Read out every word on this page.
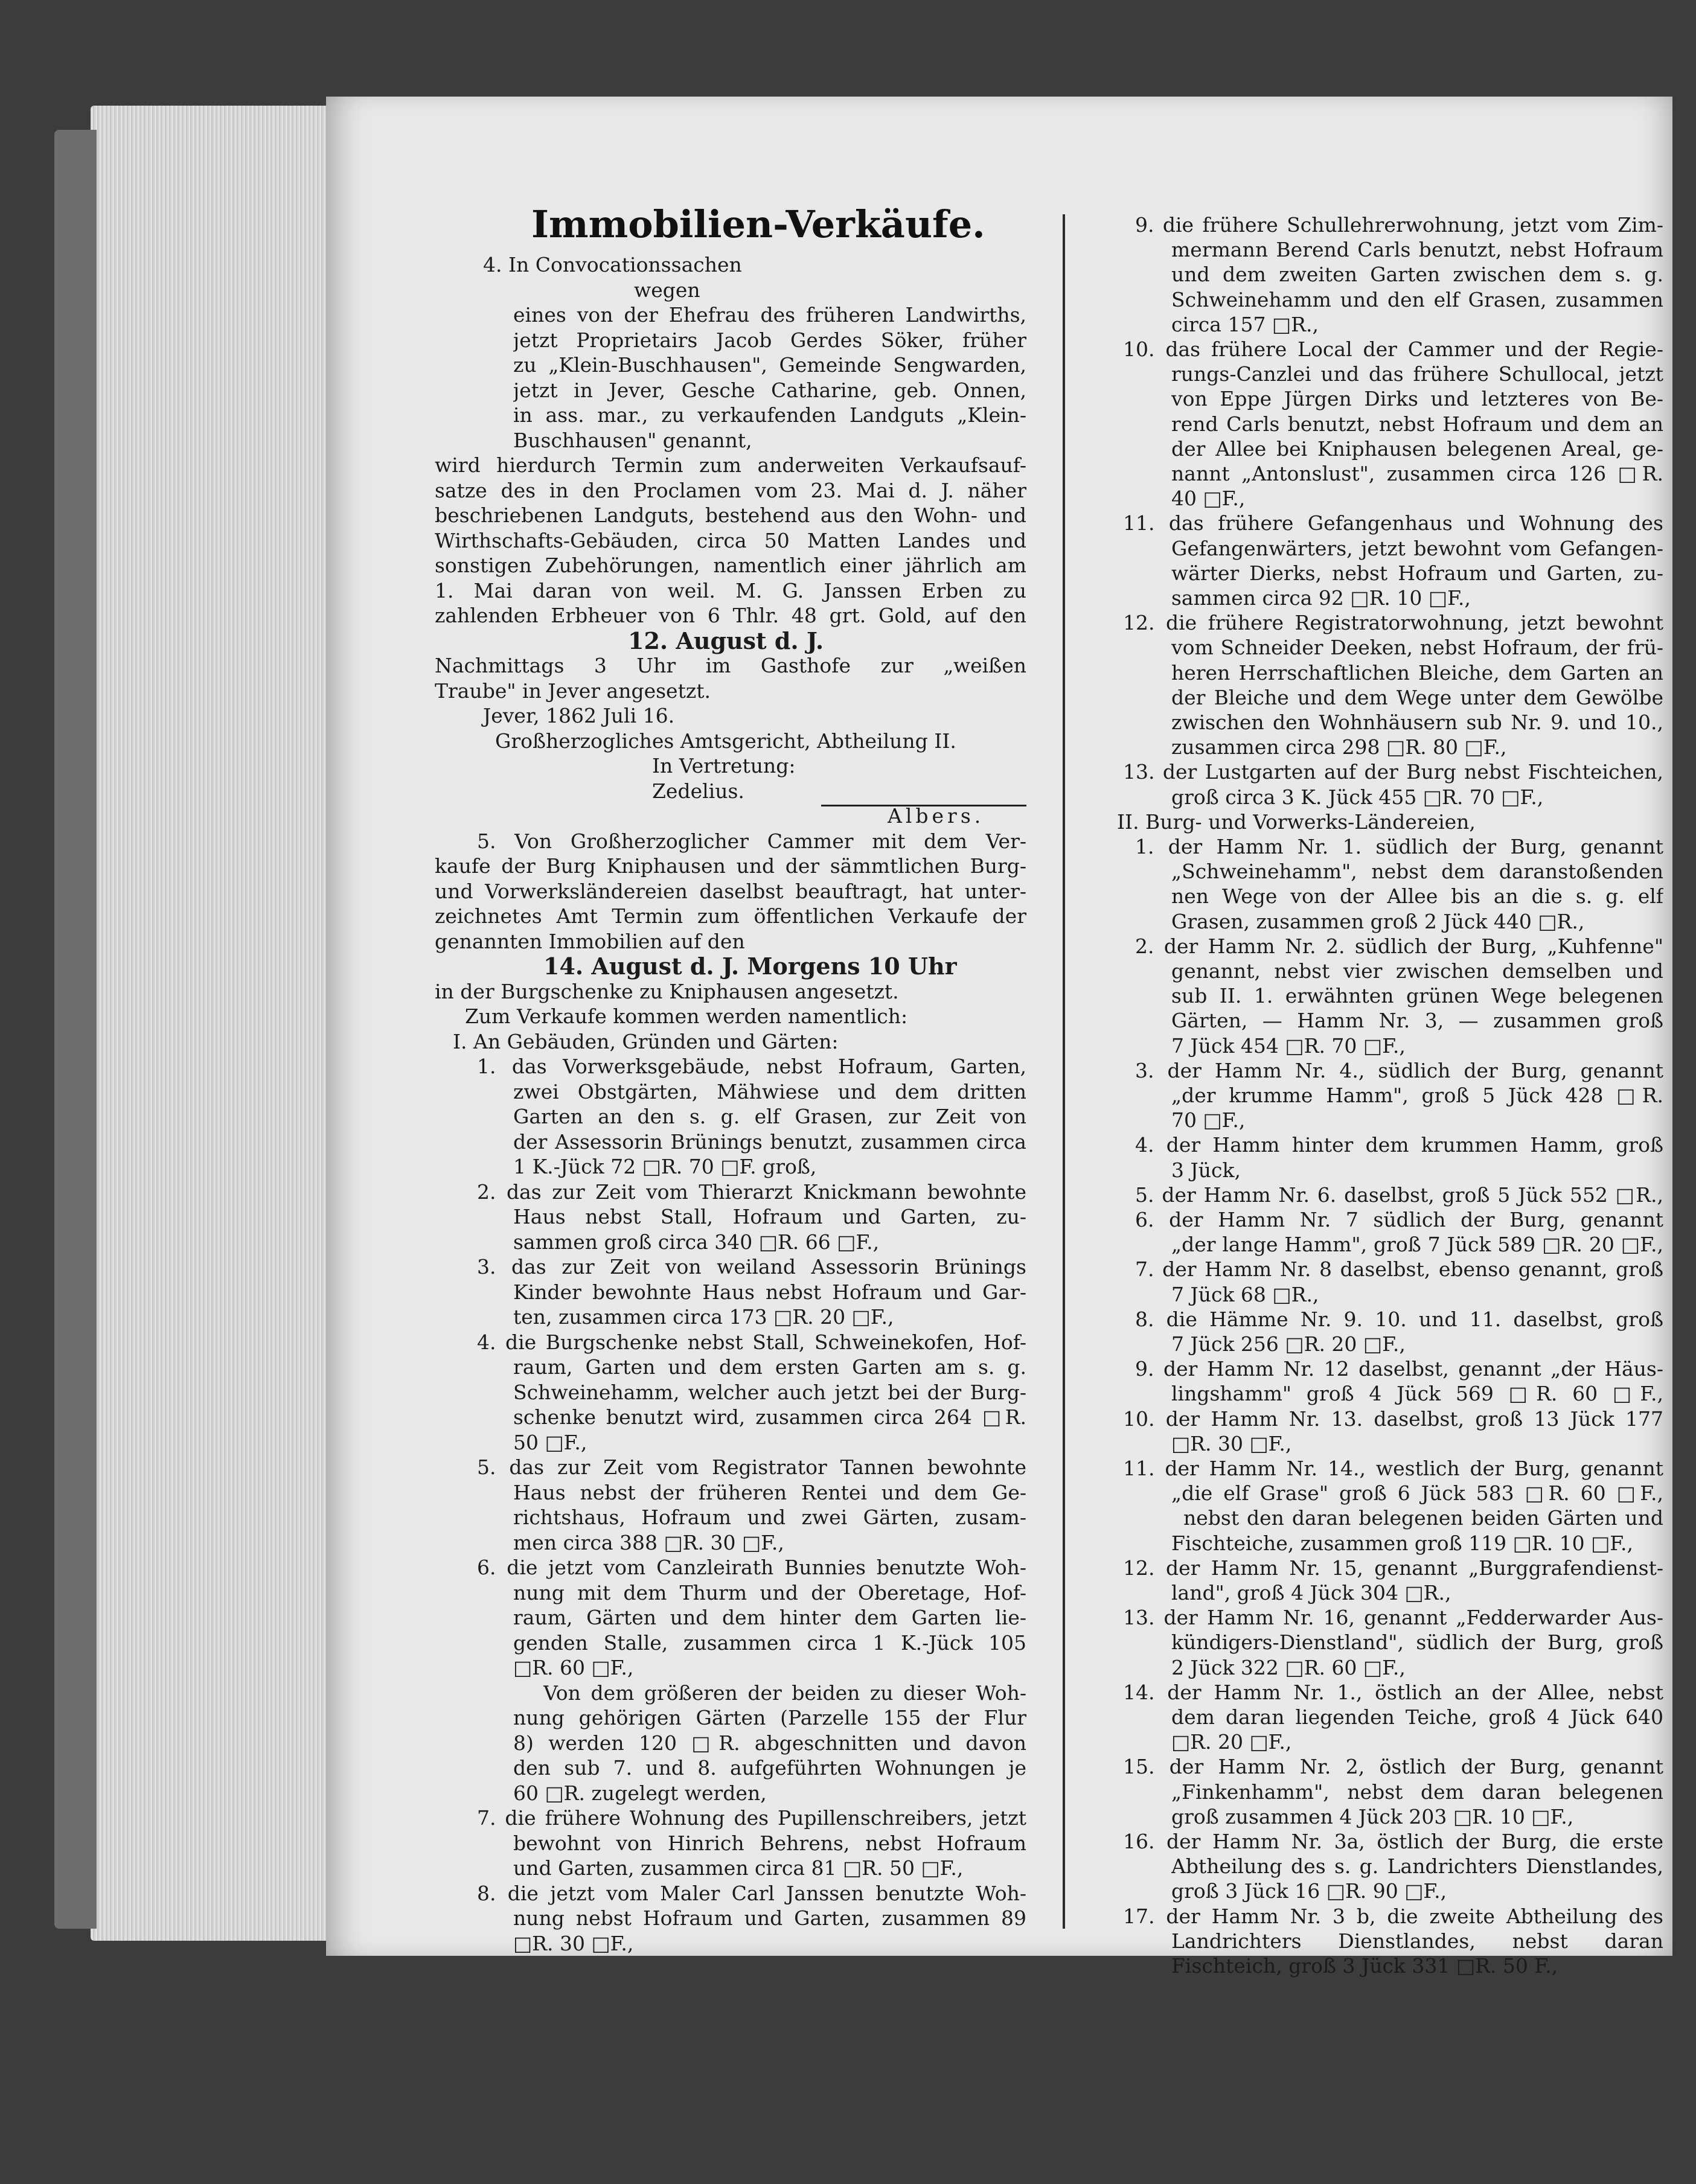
Immobilien-Verkäufe.
4. In Convocationssachen
wegen
eines von der Ehefrau des früheren Landwirths,
jetzt Proprietairs Jacob Gerdes Söker, früher
zu „Klein-Buschhausen", Gemeinde Sengwarden,
jetzt in Jever, Gesche Catharine, geb. Onnen,
in ass. mar., zu verkaufenden Landguts „Klein-
Buschhausen" genannt,
wird hierdurch Termin zum anderweiten Verkaufsauf-
satze des in den Proclamen vom 23. Mai d. J. näher
beschriebenen Landguts, bestehend aus den Wohn- und
Wirthschafts-Gebäuden, circa 50 Matten Landes und
sonstigen Zubehörungen, namentlich einer jährlich am
1. Mai daran von weil. M. G. Janssen Erben zu
zahlenden Erbheuer von 6 Thlr. 48 grt. Gold, auf den
12. August d. J.
Nachmittags 3 Uhr im Gasthofe zur „weißen
Traube" in Jever angesetzt.
Jever, 1862 Juli 16.
Großherzogliches Amtsgericht, Abtheilung II.
In Vertretung:
Zedelius.
Albers.
5. Von Großherzoglicher Cammer mit dem Ver-
kaufe der Burg Kniphausen und der sämmtlichen Burg-
und Vorwerksländereien daselbst beauftragt, hat unter-
zeichnetes Amt Termin zum öffentlichen Verkaufe der
genannten Immobilien auf den
14. August d. J. Morgens 10 Uhr
in der Burgschenke zu Kniphausen angesetzt.
Zum Verkaufe kommen werden namentlich:
I. An Gebäuden, Gründen und Gärten:
1. das Vorwerksgebäude, nebst Hofraum, Garten,
zwei Obstgärten, Mähwiese und dem dritten
Garten an den s. g. elf Grasen, zur Zeit von
der Assessorin Brünings benutzt, zusammen circa
1 K.-Jück 72 □R. 70 □F. groß,
2. das zur Zeit vom Thierarzt Knickmann bewohnte
Haus nebst Stall, Hofraum und Garten, zu-
sammen groß circa 340 □R. 66 □F.,
3. das zur Zeit von weiland Assessorin Brünings
Kinder bewohnte Haus nebst Hofraum und Gar-
ten, zusammen circa 173 □R. 20 □F.,
4. die Burgschenke nebst Stall, Schweinekofen, Hof-
raum, Garten und dem ersten Garten am s. g.
Schweinehamm, welcher auch jetzt bei der Burg-
schenke benutzt wird, zusammen circa 264 □R.
50 □F.,
5. das zur Zeit vom Registrator Tannen bewohnte
Haus nebst der früheren Rentei und dem Ge-
richtshaus, Hofraum und zwei Gärten, zusam-
men circa 388 □R. 30 □F.,
6. die jetzt vom Canzleirath Bunnies benutzte Woh-
nung mit dem Thurm und der Oberetage, Hof-
raum, Gärten und dem hinter dem Garten lie-
genden Stalle, zusammen circa 1 K.-Jück 105
□R. 60 □F.,
Von dem größeren der beiden zu dieser Woh-
nung gehörigen Gärten (Parzelle 155 der Flur
8) werden 120 □R. abgeschnitten und davon
den sub 7. und 8. aufgeführten Wohnungen je
60 □R. zugelegt werden,
7. die frühere Wohnung des Pupillenschreibers, jetzt
bewohnt von Hinrich Behrens, nebst Hofraum
und Garten, zusammen circa 81 □R. 50 □F.,
8. die jetzt vom Maler Carl Janssen benutzte Woh-
nung nebst Hofraum und Garten, zusammen 89
□R. 30 □F.,
9. die frühere Schullehrerwohnung, jetzt vom Zim-
mermann Berend Carls benutzt, nebst Hofraum
und dem zweiten Garten zwischen dem s. g.
Schweinehamm und den elf Grasen, zusammen
circa 157 □R.,
10. das frühere Local der Cammer und der Regie-
rungs-Canzlei und das frühere Schullocal, jetzt
von Eppe Jürgen Dirks und letzteres von Be-
rend Carls benutzt, nebst Hofraum und dem an
der Allee bei Kniphausen belegenen Areal, ge-
nannt „Antonslust", zusammen circa 126 □R.
40 □F.,
11. das frühere Gefangenhaus und Wohnung des
Gefangenwärters, jetzt bewohnt vom Gefangen-
wärter Dierks, nebst Hofraum und Garten, zu-
sammen circa 92 □R. 10 □F.,
12. die frühere Registratorwohnung, jetzt bewohnt
vom Schneider Deeken, nebst Hofraum, der frü-
heren Herrschaftlichen Bleiche, dem Garten an
der Bleiche und dem Wege unter dem Gewölbe
zwischen den Wohnhäusern sub Nr. 9. und 10.,
zusammen circa 298 □R. 80 □F.,
13. der Lustgarten auf der Burg nebst Fischteichen,
groß circa 3 K. Jück 455 □R. 70 □F.,
II. Burg- und Vorwerks-Ländereien,
1. der Hamm Nr. 1. südlich der Burg, genannt
„Schweinehamm", nebst dem daranstoßenden
nen Wege von der Allee bis an die s. g. elf
Grasen, zusammen groß 2 Jück 440 □R.,
2. der Hamm Nr. 2. südlich der Burg, „Kuhfenne"
genannt, nebst vier zwischen demselben und
sub II. 1. erwähnten grünen Wege belegenen
Gärten, — Hamm Nr. 3, — zusammen groß
7 Jück 454 □R. 70 □F.,
3. der Hamm Nr. 4., südlich der Burg, genannt
„der krumme Hamm", groß 5 Jück 428 □R.
70 □F.,
4. der Hamm hinter dem krummen Hamm, groß
3 Jück,
5. der Hamm Nr. 6. daselbst, groß 5 Jück 552 □R.,
6. der Hamm Nr. 7 südlich der Burg, genannt
„der lange Hamm", groß 7 Jück 589 □R. 20 □F.,
7. der Hamm Nr. 8 daselbst, ebenso genannt, groß
7 Jück 68 □R.,
8. die Hämme Nr. 9. 10. und 11. daselbst, groß
7 Jück 256 □R. 20 □F.,
9. der Hamm Nr. 12 daselbst, genannt „der Häus-
lingshamm" groß 4 Jück 569 □R. 60 □F.,
10. der Hamm Nr. 13. daselbst, groß 13 Jück 177
□R. 30 □F.,
11. der Hamm Nr. 14., westlich der Burg, genannt
„die elf Grase" groß 6 Jück 583 □R. 60 □F.,
nebst den daran belegenen beiden Gärten und
Fischteiche, zusammen groß 119 □R. 10 □F.,
12. der Hamm Nr. 15, genannt „Burggrafendienst-
land", groß 4 Jück 304 □R.,
13. der Hamm Nr. 16, genannt „Fedderwarder Aus-
kündigers-Dienstland", südlich der Burg, groß
2 Jück 322 □R. 60 □F.,
14. der Hamm Nr. 1., östlich an der Allee, nebst
dem daran liegenden Teiche, groß 4 Jück 640
□R. 20 □F.,
15. der Hamm Nr. 2, östlich der Burg, genannt
„Finkenhamm", nebst dem daran belegenen
groß zusammen 4 Jück 203 □R. 10 □F.,
16. der Hamm Nr. 3a, östlich der Burg, die erste
Abtheilung des s. g. Landrichters Dienstlandes,
groß 3 Jück 16 □R. 90 □F.,
17. der Hamm Nr. 3 b, die zweite Abtheilung des
Landrichters Dienstlandes, nebst daran
Fischteich, groß 3 Jück 331 □R. 50 F.,
